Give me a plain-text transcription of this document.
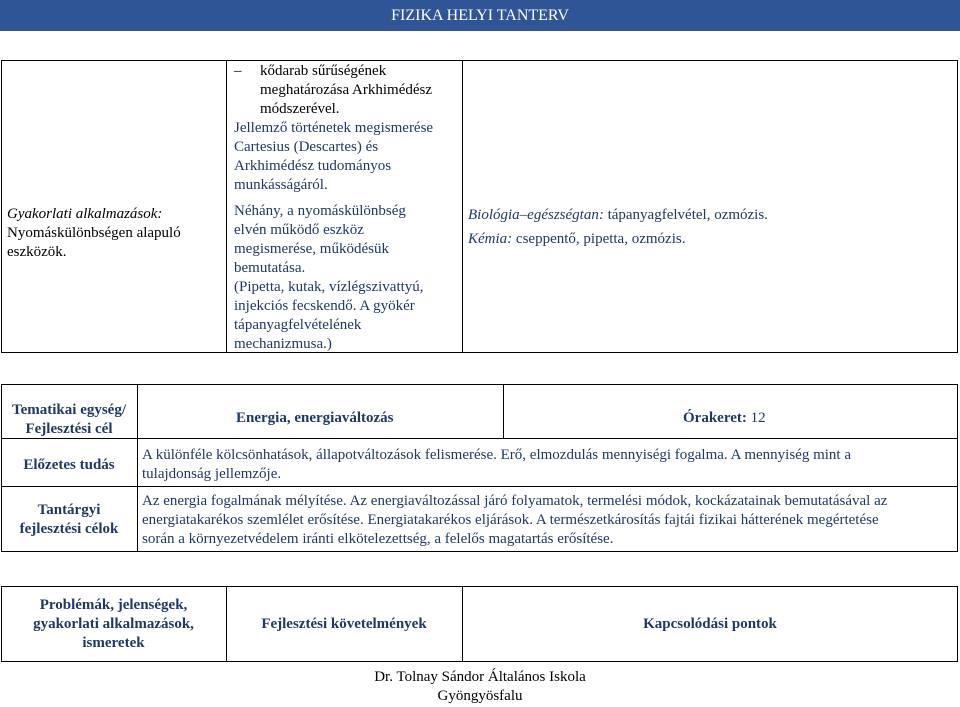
FIZIKA HELYI TANTERV
Gyakorlati alkalmazások:
Nyomáskülönbségen alapuló eszközök.
– kődarab sűrűségének
meghatározása Arkhimédész
módszerével.
Jellemző történetek megismerése
Cartesius (Descartes) és
Arkhimédész tudományos
munkásságáról.
Néhány, a nyomáskülönbség
elvén működő eszköz
megismerése, működésük
bemutatása.
(Pipetta, kutak, vízlégszivattyú,
injekciós fecskendő. A gyökér
tápanyagfelvételének
mechanizmusa.)
Biológia–egészségtan: tápanyagfelvétel, ozmózis.
Kémia: cseppentő, pipetta, ozmózis.
Tematikai egység/
Fejlesztési cél
Energia, energiaváltozás	Órakeret: 12
Előzetes tudás
A különféle kölcsönhatások, állapotváltozások felismerése. Erő, elmozdulás mennyiségi fogalma. A mennyiség mint a
tulajdonság jellemzője.
Tantárgyi
fejlesztési célok
Az energia fogalmának mélyítése. Az energiaváltozással járó folyamatok, termelési módok, kockázatainak bemutatásával az
energiatakarékos szemlélet erősítése. Energiatakarékos eljárások. A természetkárosítás fajtái fizikai hátterének megértetése
során a környezetvédelem iránti elkötelezettség, a felelős magatartás erősítése.
Problémák, jelenségek,
gyakorlati alkalmazások,
ismeretek
Fejlesztési követelmények	Kapcsolódási pontok
Dr. Tolnay Sándor Általános Iskola
Gyöngyösfalu
